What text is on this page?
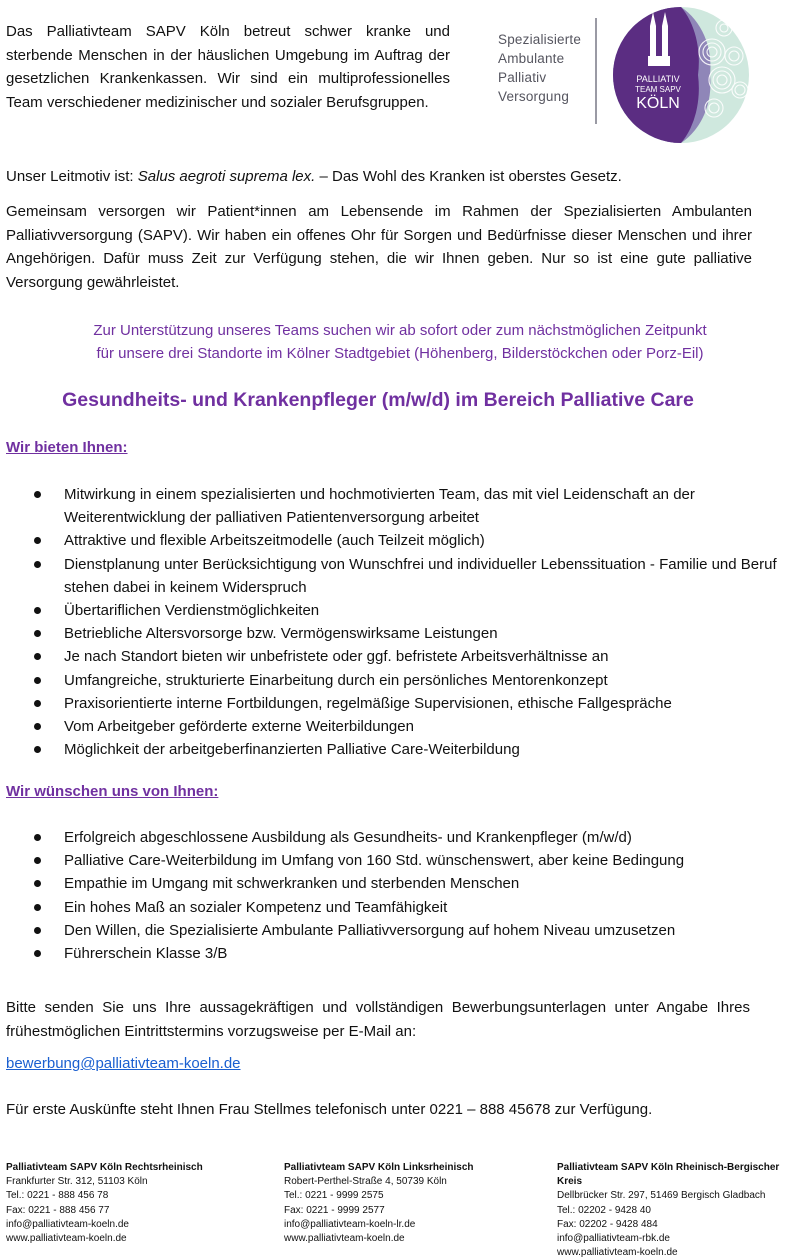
Das Palliativteam SAPV Köln betreut schwer kranke und sterbende Menschen in der häuslichen Umgebung im Auftrag der gesetzlichen Krankenkassen. Wir sind ein multiprofessionelles Team verschiedener medizinischer und sozialer Berufsgruppen.
Spezialisierte
Ambulante
Palliativ
Versorgung
PALLIATIV
TEAM SAPV
KÖLN
Unser Leitmotiv ist: Salus aegroti suprema lex. – Das Wohl des Kranken ist oberstes Gesetz.
Gemeinsam versorgen wir Patient*innen am Lebensende im Rahmen der Spezialisierten Ambulanten Palliativversorgung (SAPV). Wir haben ein offenes Ohr für Sorgen und Bedürfnisse dieser Menschen und ihrer Angehörigen. Dafür muss Zeit zur Verfügung stehen, die wir Ihnen geben. Nur so ist eine gute palliative Versorgung gewährleistet.
Zur Unterstützung unseres Teams suchen wir ab sofort oder zum nächstmöglichen Zeitpunkt
für unsere drei Standorte im Kölner Stadtgebiet (Höhenberg, Bilderstöckchen oder Porz-Eil)
Gesundheits- und Krankenpfleger (m/w/d) im Bereich Palliative Care
Wir bieten Ihnen:
Mitwirkung in einem spezialisierten und hochmotivierten Team, das mit viel Leidenschaft an der Weiterentwicklung der palliativen Patientenversorgung arbeitet
Attraktive und flexible Arbeitszeitmodelle (auch Teilzeit möglich)
Dienstplanung unter Berücksichtigung von Wunschfrei und individueller Lebenssituation - Familie und Beruf stehen dabei in keinem Widerspruch
Übertariflichen Verdienstmöglichkeiten
Betriebliche Altersvorsorge bzw. Vermögenswirksame Leistungen
Je nach Standort bieten wir unbefristete oder ggf. befristete Arbeitsverhältnisse an
Umfangreiche, strukturierte Einarbeitung durch ein persönliches Mentorenkonzept
Praxisorientierte interne Fortbildungen, regelmäßige Supervisionen, ethische Fallgespräche
Vom Arbeitgeber geförderte externe Weiterbildungen
Möglichkeit der arbeitgeberfinanzierten Palliative Care-Weiterbildung
Wir wünschen uns von Ihnen:
Erfolgreich abgeschlossene Ausbildung als Gesundheits- und Krankenpfleger (m/w/d)
Palliative Care-Weiterbildung im Umfang von 160 Std. wünschenswert, aber keine Bedingung
Empathie im Umgang mit schwerkranken und sterbenden Menschen
Ein hohes Maß an sozialer Kompetenz und Teamfähigkeit
Den Willen, die Spezialisierte Ambulante Palliativversorgung auf hohem Niveau umzusetzen
Führerschein Klasse 3/B
Bitte senden Sie uns Ihre aussagekräftigen und vollständigen Bewerbungsunterlagen unter Angabe Ihres frühestmöglichen Eintrittstermins vorzugsweise per E-Mail an:
bewerbung@palliativteam-koeln.de
Für erste Auskünfte steht Ihnen Frau Stellmes telefonisch unter 0221 – 888 45678 zur Verfügung.
Palliativteam SAPV Köln Rechtsrheinisch
Frankfurter Str. 312, 51103 Köln
Tel.: 0221 - 888 456 78
Fax: 0221 - 888 456 77
info@palliativteam-koeln.de
www.palliativteam-koeln.de
Palliativteam SAPV Köln Linksrheinisch
Robert-Perthel-Straße 4, 50739 Köln
Tel.: 0221 - 9999 2575
Fax: 0221 - 9999 2577
info@palliativteam-koeln-lr.de
www.palliativteam-koeln.de
Palliativteam SAPV Köln Rheinisch-Bergischer Kreis
Dellbrücker Str. 297, 51469 Bergisch Gladbach
Tel.: 02202 - 9428 40
Fax: 02202 - 9428 484
info@palliativteam-rbk.de
www.palliativteam-koeln.de
